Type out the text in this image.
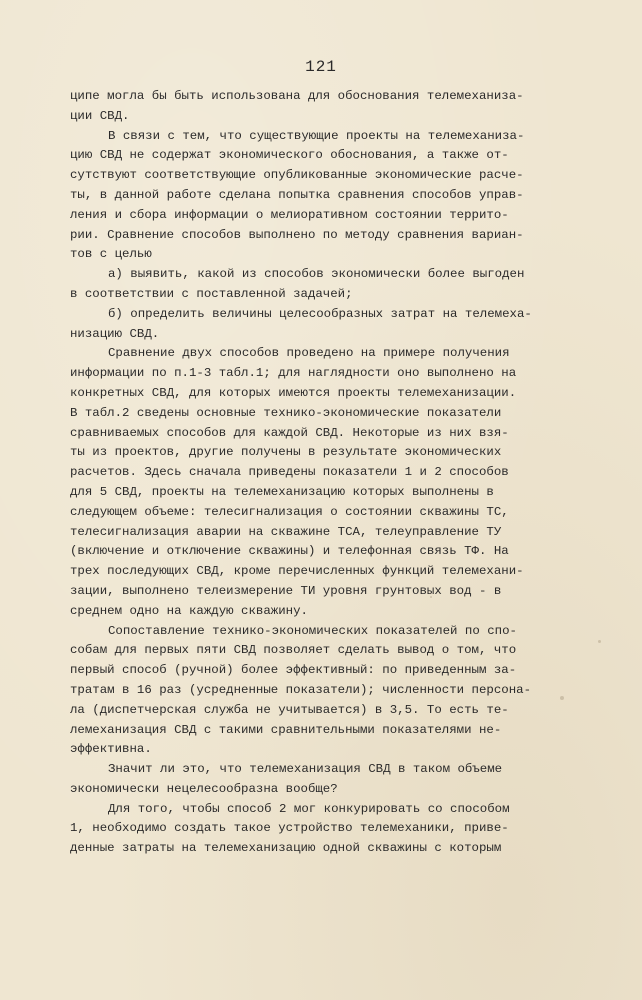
121
ципе могла бы быть использована для обоснования телемеханиза-
ции СВД.
В связи с тем, что существующие проекты на телемеханиза-
цию СВД не содержат экономического обоснования, а также от-
сутствуют соответствующие опубликованные экономические расче-
ты, в данной работе сделана попытка сравнения способов управ-
ления и сбора информации о мелиоративном состоянии террито-
рии. Сравнение способов выполнено по методу сравнения вариан-
тов с целью
а) выявить, какой из способов экономически более выгоден
в соответствии с поставленной задачей;
б) определить величины целесообразных затрат на телемеха-
низацию СВД.
Сравнение двух способов проведено на примере получения
информации по п.1-3 табл.1; для наглядности оно выполнено на
конкретных СВД, для которых имеются проекты телемеханизации.
В табл.2 сведены основные технико-экономические показатели
сравниваемых способов для каждой СВД. Некоторые из них взя-
ты из проектов, другие получены в результате экономических
расчетов. Здесь сначала приведены показатели 1 и 2 способов
для 5 СВД, проекты на телемеханизацию которых выполнены в
следующем объеме: телесигнализация о состоянии скважины ТС,
телесигнализация аварии на скважине ТСА, телеуправление ТУ
(включение и отключение скважины) и телефонная связь ТФ. На
трех последующих СВД, кроме перечисленных функций телемехани-
зации, выполнено телеизмерение ТИ уровня грунтовых вод - в
среднем одно на каждую скважину.
Сопоставление технико-экономических показателей по спо-
собам для первых пяти СВД позволяет сделать вывод о том, что
первый способ (ручной) более эффективный: по приведенным за-
тратам в 16 раз (усредненные показатели); численности персона-
ла (диспетчерская служба не учитывается) в 3,5. То есть те-
лемеханизация СВД с такими сравнительными показателями не-
эффективна.
Значит ли это, что телемеханизация СВД в таком объеме
экономически нецелесообразна вообще?
Для того, чтобы способ 2 мог конкурировать со способом
1, необходимо создать такое устройство телемеханики, приве-
денные затраты на телемеханизацию одной скважины с которым
